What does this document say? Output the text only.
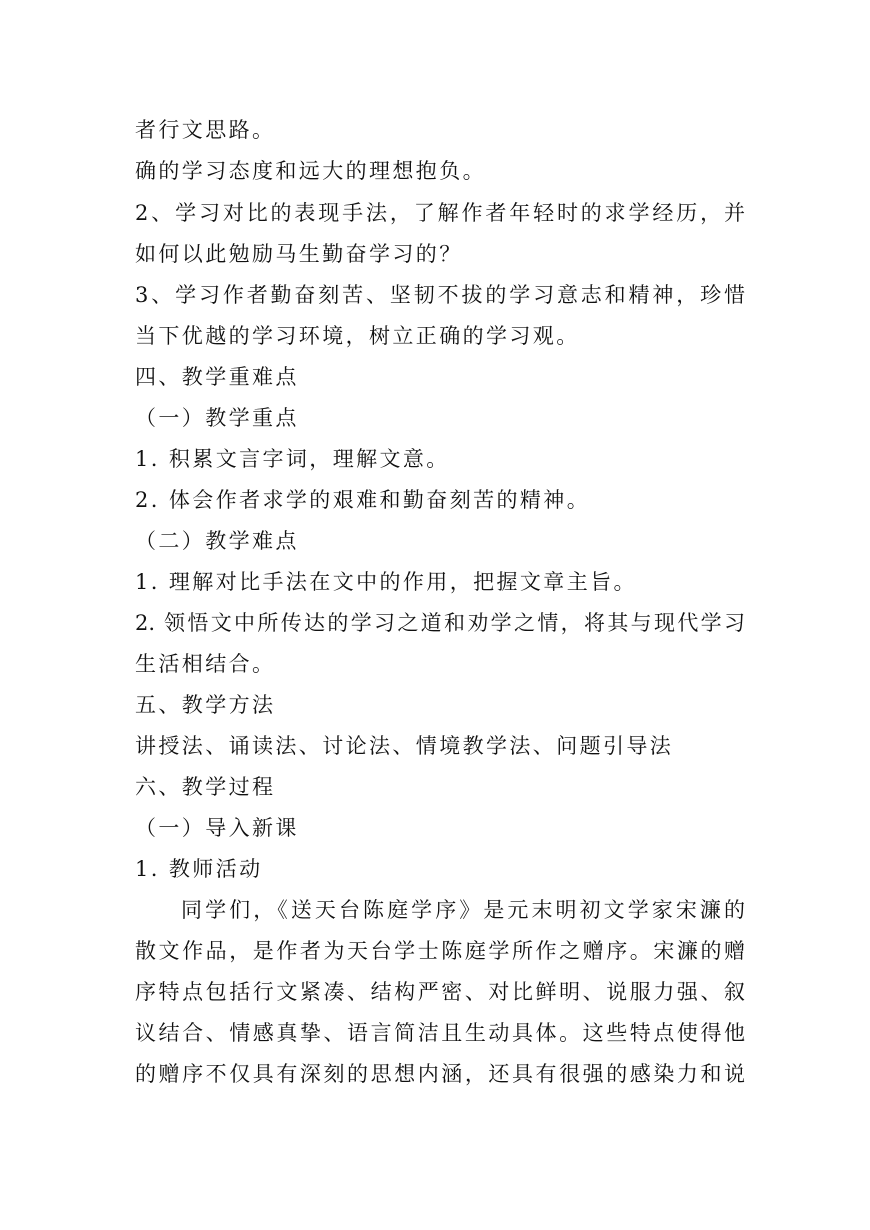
者行文思路。
确的学习态度和远大的理想抱负。
2、学习对比的表现手法，了解作者年轻时的求学经历，并
如何以此勉励马生勤奋学习的？
3、学习作者勤奋刻苦、坚韧不拔的学习意志和精神，珍惜
当下优越的学习环境，树立正确的学习观。
四、教学重难点
（一）教学重点
1. 积累文言字词，理解文意。
2. 体会作者求学的艰难和勤奋刻苦的精神。
（二）教学难点
1. 理解对比手法在文中的作用，把握文章主旨。
2. 领悟文中所传达的学习之道和劝学之情，将其与现代学习
生活相结合。
五、教学方法
讲授法、诵读法、讨论法、情境教学法、问题引导法
六、教学过程
（一）导入新课
1. 教师活动
同学们，《送天台陈庭学序》是元末明初文学家宋濂的
散文作品，是作者为天台学士陈庭学所作之赠序。宋濂的赠
序特点包括行文紧凑、结构严密、对比鲜明、说服力强、叙
议结合、情感真挚、语言简洁且生动具体。这些特点使得他
的赠序不仅具有深刻的思想内涵，还具有很强的感染力和说
